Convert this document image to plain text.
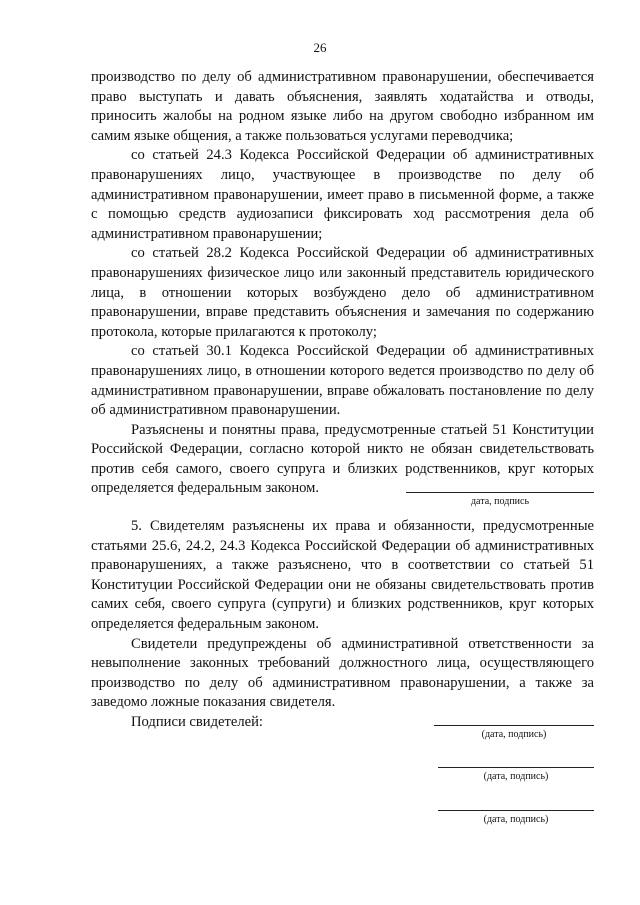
26

производство по делу об административном правонарушении, обеспечивается право выступать и давать объяснения, заявлять ходатайства и отводы, приносить жалобы на родном языке либо на другом свободно избранном им самим языке общения, а также пользоваться услугами переводчика;

со статьей 24.3 Кодекса Российской Федерации об административных правонарушениях лицо, участвующее в производстве по делу об административном правонарушении, имеет право в письменной форме, а также с помощью средств аудиозаписи фиксировать ход рассмотрения дела об административном правонарушении;

со статьей 28.2 Кодекса Российской Федерации об административных правонарушениях физическое лицо или законный представитель юридического лица, в отношении которых возбуждено дело об административном правонарушении, вправе представить объяснения и замечания по содержанию протокола, которые прилагаются к протоколу;

со статьей 30.1 Кодекса Российской Федерации об административных правонарушениях лицо, в отношении которого ведется производство по делу об административном правонарушении, вправе обжаловать постановление по делу об административном правонарушении.

Разъяснены и понятны права, предусмотренные статьей 51 Конституции Российской Федерации, согласно которой никто не обязан свидетельствовать против себя самого, своего супруга и близких родственников, круг которых определяется федеральным законом.

дата, подпись

5. Свидетелям разъяснены их права и обязанности, предусмотренные статьями 25.6, 24.2, 24.3 Кодекса Российской Федерации об административных правонарушениях, а также разъяснено, что в соответствии со статьей 51 Конституции Российской Федерации они не обязаны свидетельствовать против самих себя, своего супруга (супруги) и близких родственников, круг которых определяется федеральным законом.

Свидетели предупреждены об административной ответственности за невыполнение законных требований должностного лица, осуществляющего производство по делу об административном правонарушении, а также за заведомо ложные показания свидетеля.

Подписи свидетелей:

(дата, подпись)
(дата, подпись)
(дата, подпись)
